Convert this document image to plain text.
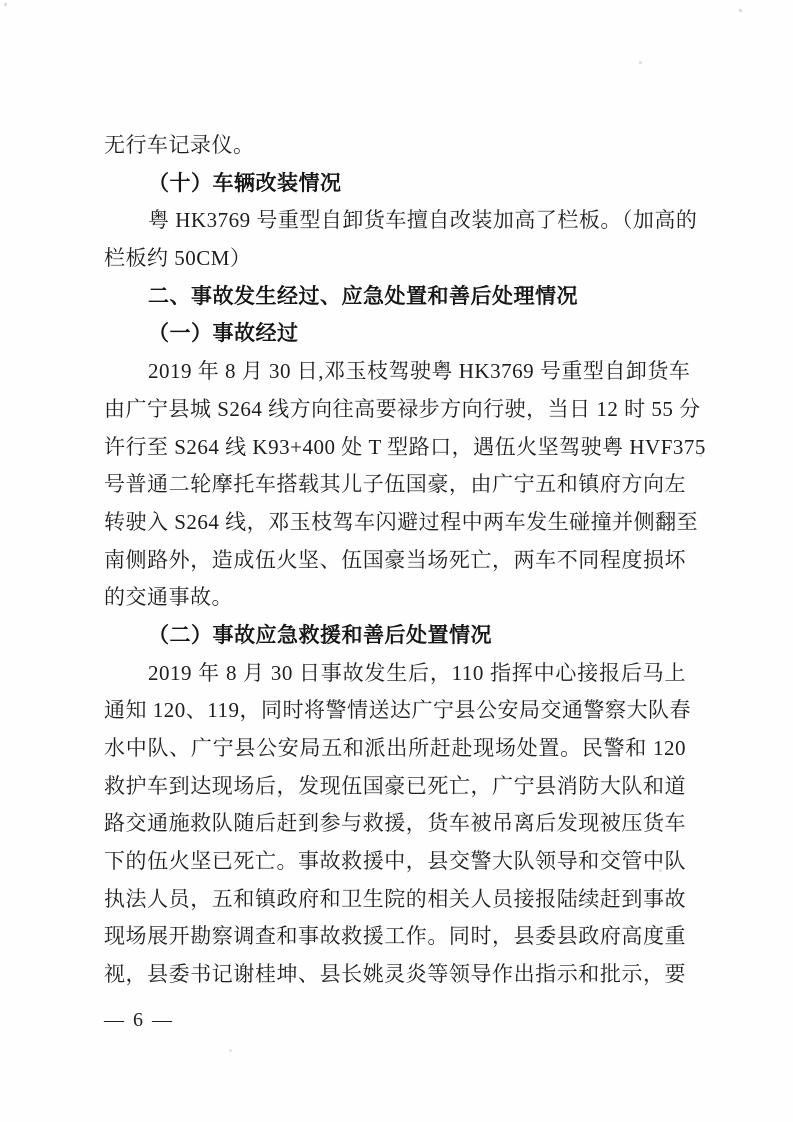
无行车记录仪。
（十）车辆改装情况
粤 HK3769 号重型自卸货车擅自改装加高了栏板。（加高的
栏板约 50CM）
二、事故发生经过、应急处置和善后处理情况
（一）事故经过
2019 年 8 月 30 日,邓玉枝驾驶粤 HK3769 号重型自卸货车
由广宁县城 S264 线方向往高要禄步方向行驶，当日 12 时 55 分
许行至 S264 线 K93+400 处 T 型路口，遇伍火坚驾驶粤 HVF375
号普通二轮摩托车搭载其儿子伍国豪，由广宁五和镇府方向左
转驶入 S264 线，邓玉枝驾车闪避过程中两车发生碰撞并侧翻至
南侧路外，造成伍火坚、伍国豪当场死亡，两车不同程度损坏
的交通事故。
（二）事故应急救援和善后处置情况
2019 年 8 月 30 日事故发生后，110 指挥中心接报后马上
通知 120、119，同时将警情送达广宁县公安局交通警察大队春
水中队、广宁县公安局五和派出所赶赴现场处置。民警和 120
救护车到达现场后，发现伍国豪已死亡，广宁县消防大队和道
路交通施救队随后赶到参与救援，货车被吊离后发现被压货车
下的伍火坚已死亡。事故救援中，县交警大队领导和交管中队
执法人员，五和镇政府和卫生院的相关人员接报陆续赶到事故
现场展开勘察调查和事故救援工作。同时，县委县政府高度重
视，县委书记谢桂坤、县长姚灵炎等领导作出指示和批示，要
— 6 —
